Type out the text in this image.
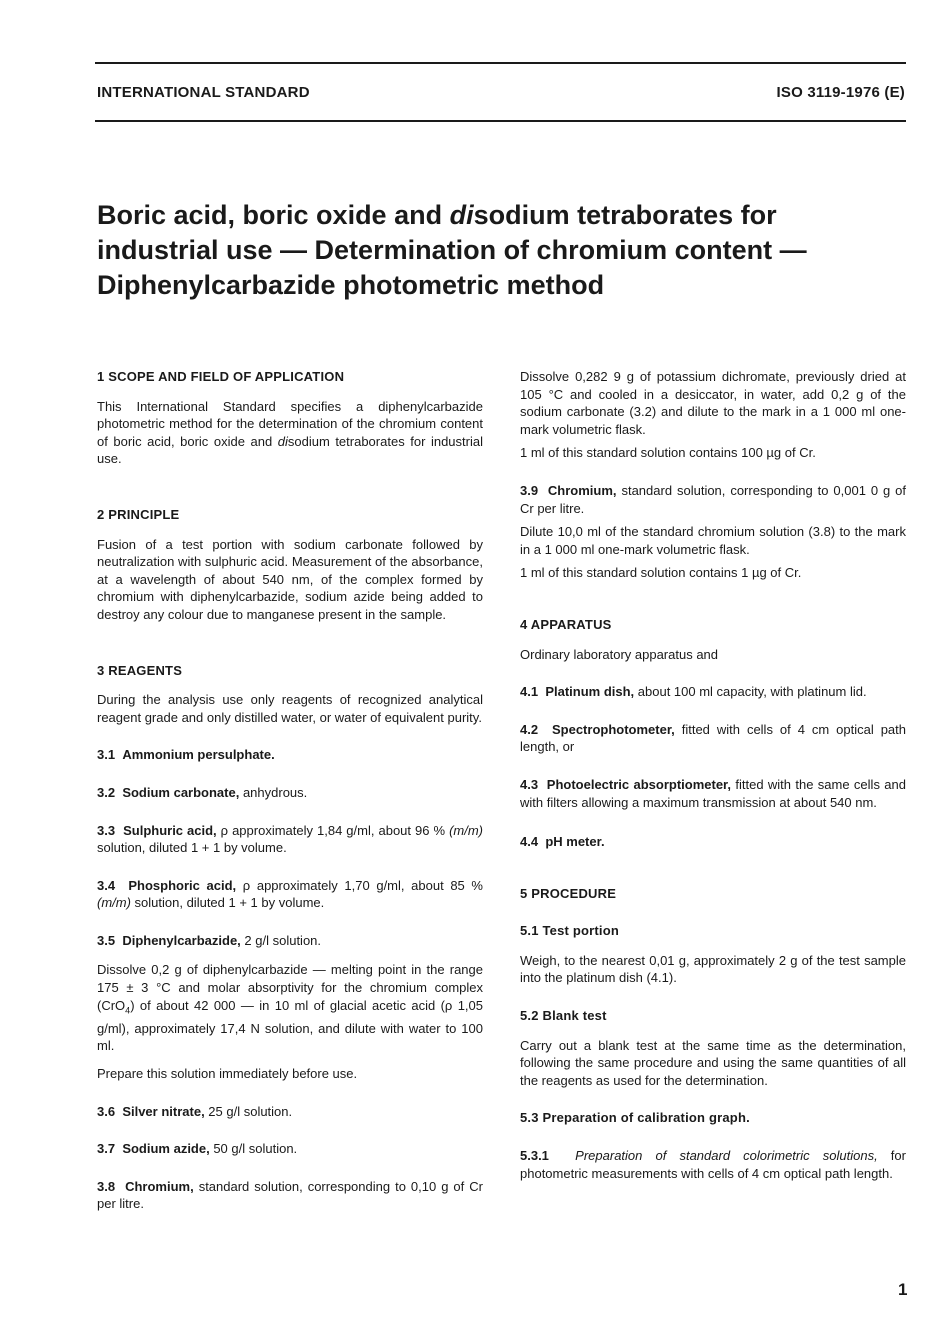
INTERNATIONAL STANDARD	ISO 3119-1976 (E)
Boric acid, boric oxide and disodium tetraborates for industrial use — Determination of chromium content — Diphenylcarbazide photometric method

1 SCOPE AND FIELD OF APPLICATION

This International Standard specifies a diphenylcarbazide photometric method for the determination of the chromium content of boric acid, boric oxide and disodium tetraborates for industrial use.

2 PRINCIPLE

Fusion of a test portion with sodium carbonate followed by neutralization with sulphuric acid. Measurement of the absorbance, at a wavelength of about 540 nm, of the complex formed by chromium with diphenylcarbazide, sodium azide being added to destroy any colour due to manganese present in the sample.

3 REAGENTS

During the analysis use only reagents of recognized analytical reagent grade and only distilled water, or water of equivalent purity.

3.1 Ammonium persulphate.

3.2 Sodium carbonate, anhydrous.

3.3 Sulphuric acid, ρ approximately 1,84 g/ml, about 96 % (m/m) solution, diluted 1 + 1 by volume.

3.4 Phosphoric acid, ρ approximately 1,70 g/ml, about 85 % (m/m) solution, diluted 1 + 1 by volume.

3.5 Diphenylcarbazide, 2 g/l solution.

Dissolve 0,2 g of diphenylcarbazide — melting point in the range 175 ± 3 °C and molar absorptivity for the chromium complex (CrO$_4$) of about 42 000 — in 10 ml of glacial acetic acid (ρ 1,05 g/ml), approximately 17,4 N solution, and dilute with water to 100 ml.

Prepare this solution immediately before use.

3.6 Silver nitrate, 25 g/l solution.

3.7 Sodium azide, 50 g/l solution.

3.8 Chromium, standard solution, corresponding to 0,10 g of Cr per litre.

Dissolve 0,282 9 g of potassium dichromate, previously dried at 105 °C and cooled in a desiccator, in water, add 0,2 g of the sodium carbonate (3.2) and dilute to the mark in a 1 000 ml one-mark volumetric flask.

1 ml of this standard solution contains 100 µg of Cr.

3.9 Chromium, standard solution, corresponding to 0,001 0 g of Cr per litre.

Dilute 10,0 ml of the standard chromium solution (3.8) to the mark in a 1 000 ml one-mark volumetric flask.

1 ml of this standard solution contains 1 µg of Cr.

4 APPARATUS

Ordinary laboratory apparatus and

4.1 Platinum dish, about 100 ml capacity, with platinum lid.

4.2 Spectrophotometer, fitted with cells of 4 cm optical path length, or

4.3 Photoelectric absorptiometer, fitted with the same cells and with filters allowing a maximum transmission at about 540 nm.

4.4 pH meter.

5 PROCEDURE

5.1 Test portion

Weigh, to the nearest 0,01 g, approximately 2 g of the test sample into the platinum dish (4.1).

5.2 Blank test

Carry out a blank test at the same time as the determination, following the same procedure and using the same quantities of all the reagents as used for the determination.

5.3 Preparation of calibration graph.

5.3.1 Preparation of standard colorimetric solutions, for photometric measurements with cells of 4 cm optical path length.

1
